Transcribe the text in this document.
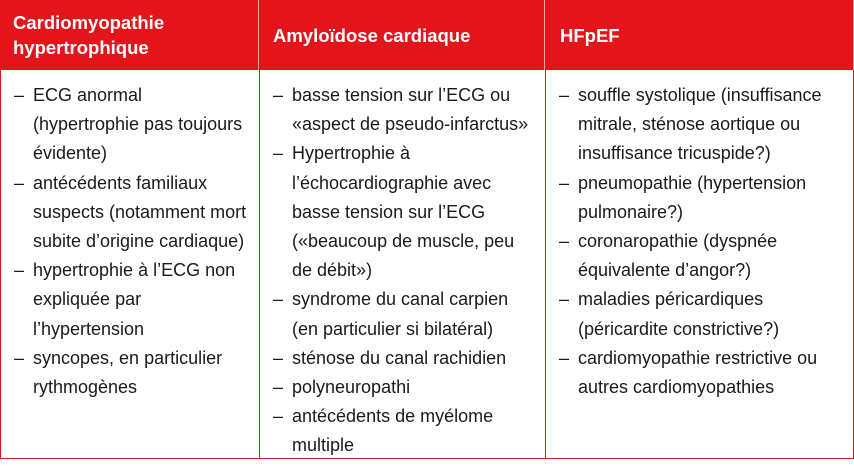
Cardiomyopathie hypertrophique
Amyloïdose cardiaque	HFpEF
– ECG anormal (hypertrophie pas toujours évidente)
– antécédents familiaux suspects (notamment mort subite d’origine cardiaque)
– hypertrophie à l’ECG non expliquée par l’hypertension
– syncopes, en particulier rythmogènes
– basse tension sur l’ECG ou «aspect de pseudo-infarctus»
– Hypertrophie à l’échocardiographie avec basse tension sur l’ECG («beaucoup de muscle, peu de débit»)
– syndrome du canal carpien (en particulier si bilatéral)
– sténose du canal rachidien
– polyneuropathi
– antécédents de myélome multiple
– souffle systolique (insuffisance mitrale, sténose aortique ou insuffisance tricuspide?)
– pneumopathie (hypertension pulmonaire?)
– coronaropathie (dyspnée équivalente d’angor?)
– maladies péricardiques (péricardite constrictive?)
– cardiomyopathie restrictive ou autres cardiomyopathies
